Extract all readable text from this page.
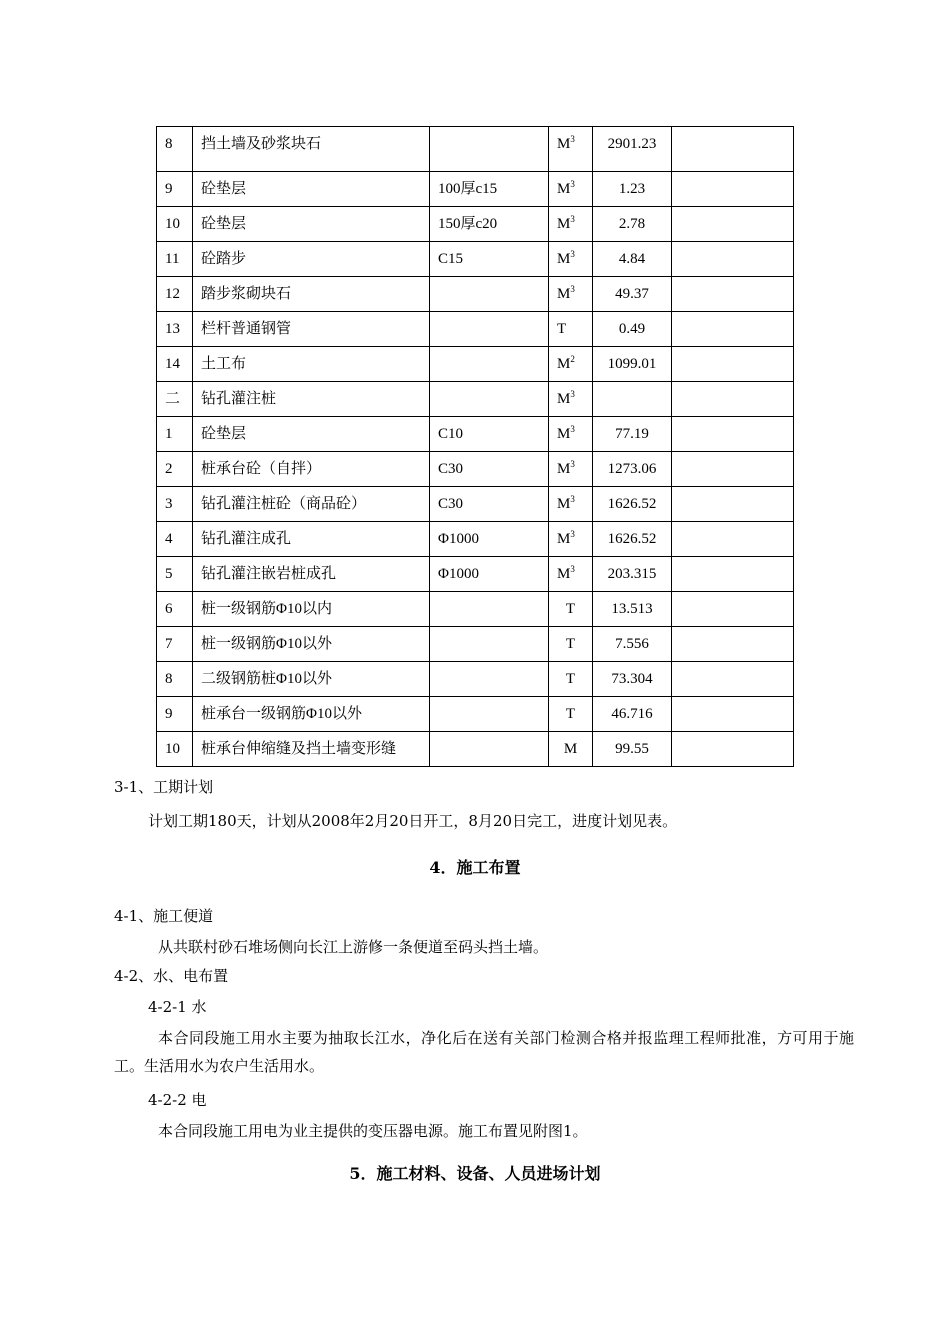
8	挡土墙及砂浆块石		$M^3$	2901.23	

9	砼垫层	100厚c15	$M^3$	1.23	

10	砼垫层	150厚c20	$M^3$	2.78	

11	砼踏步	C15	$M^3$	4.84	

12	踏步浆砌块石		$M^3$	49.37	

13	栏杆普通钢管		T	0.49	

14	土工布		$M^2$	1099.01	

二	钻孔灌注桩		$M^3$

1	砼垫层	C10	$M^3$	77.19	

2	桩承台砼（自拌）	C30	$M^3$	1273.06	

3	钻孔灌注桩砼（商品砼）	C30	$M^3$	1626.52	

4	钻孔灌注成孔	Φ1000	$M^3$	1626.52	

5	钻孔灌注嵌岩桩成孔	Φ1000	$M^3$	203.315	

6	桩一级钢筋Φ10以内		T	13.513	

7	桩一级钢筋Φ10以外		T	7.556	

8	二级钢筋桩Φ10以外		T	73.304	

9	桩承台一级钢筋Φ10以外		T	46.716	

10	桩承台伸缩缝及挡土墙变形缝		M	99.55	

3-1、工期计划
计划工期180天，计划从2008年2月20日开工，8月20日完工，进度计划见表。
4．施工布置
4-1、施工便道
从共联村砂石堆场侧向长江上游修一条便道至码头挡土墙。
4-2、水、电布置
4-2-1 水
本合同段施工用水主要为抽取长江水，净化后在送有关部门检测合格并报监理工程师批准，方可用于施工。生活用水为农户生活用水。
4-2-2 电
本合同段施工用电为业主提供的变压器电源。施工布置见附图1。
5．施工材料、设备、人员进场计划
